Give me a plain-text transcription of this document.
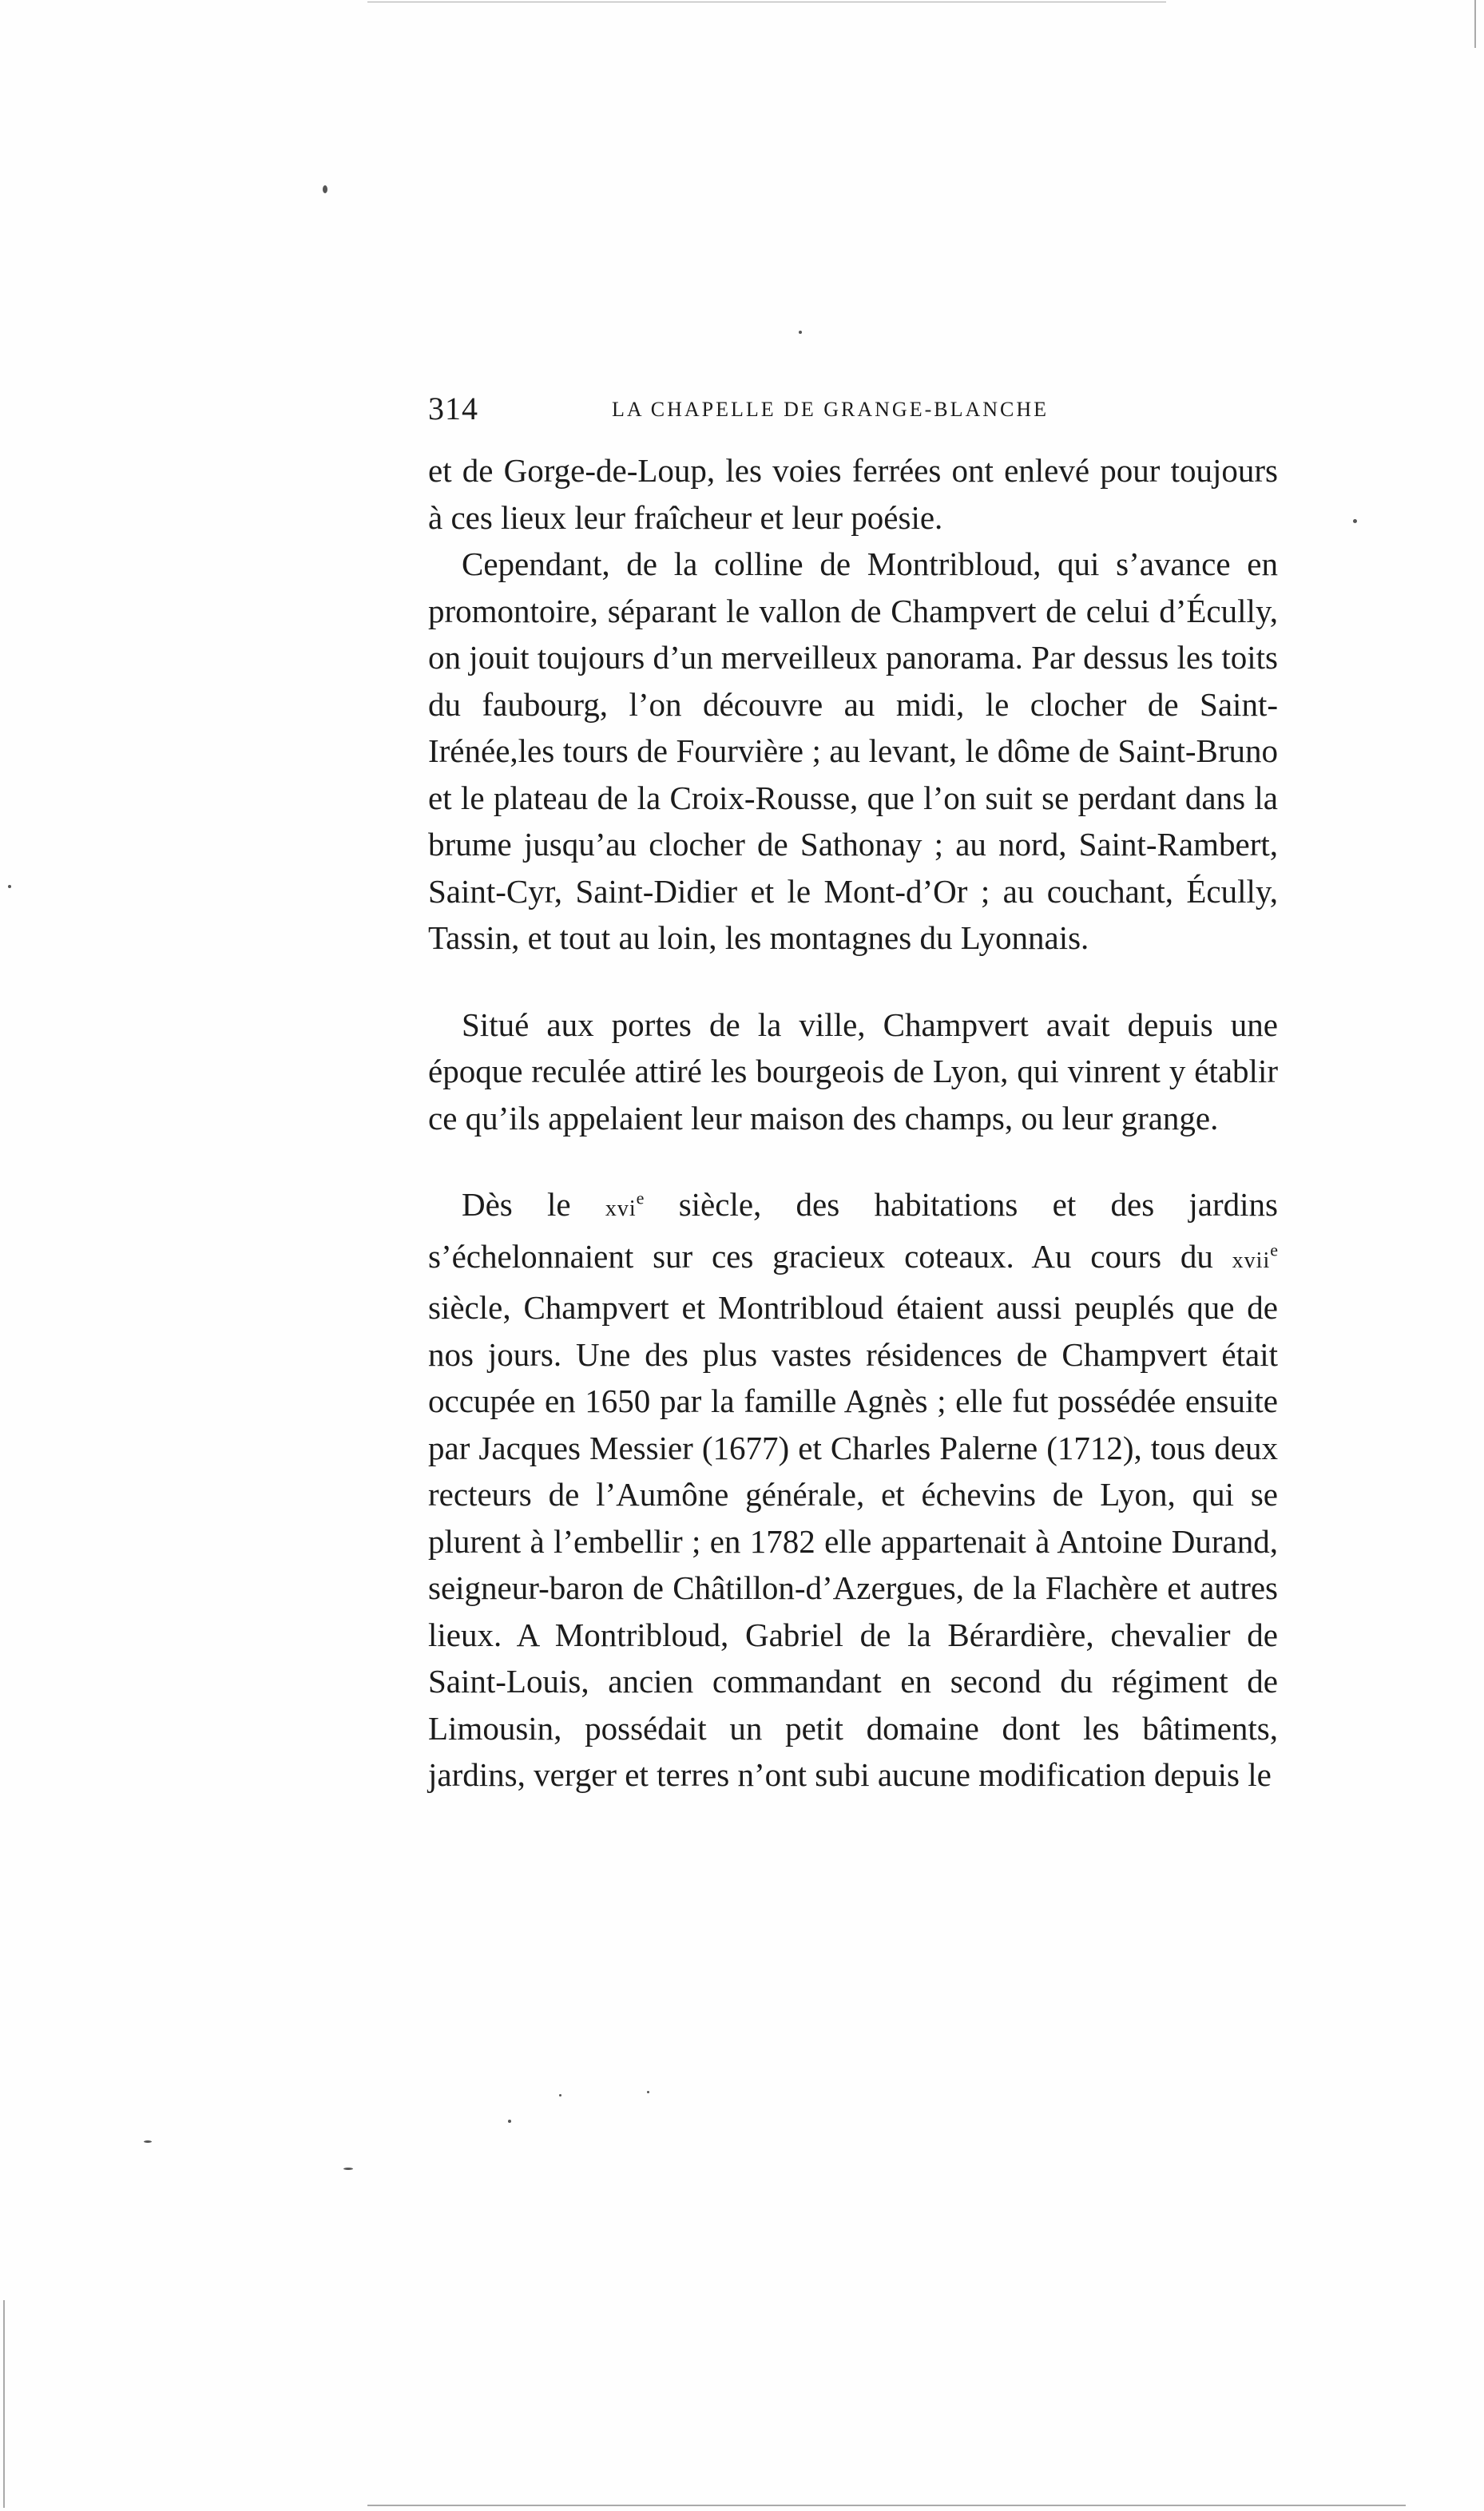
314	LA CHAPELLE DE GRANGE-BLANCHE

et de Gorge-de-Loup, les voies ferrées ont enlevé pour toujours à ces lieux leur fraîcheur et leur poésie.

Cependant, de la colline de Montribloud, qui s’avance en promontoire, séparant le vallon de Champvert de celui d’Écully, on jouit toujours d’un merveilleux panorama. Par dessus les toits du faubourg, l’on découvre au midi, le clocher de Saint-Irénée,les tours de Fourvière ; au levant, le dôme de Saint-Bruno et le plateau de la Croix-Rousse, que l’on suit se perdant dans la brume jusqu’au clocher de Sathonay ; au nord, Saint-Rambert, Saint-Cyr, Saint-Didier et le Mont-d’Or ; au couchant, Écully, Tassin, et tout au loin, les montagnes du Lyonnais.

Situé aux portes de la ville, Champvert avait depuis une époque reculée attiré les bourgeois de Lyon, qui vinrent y établir ce qu’ils appelaient leur maison des champs, ou leur grange.

Dès le xvi$^e$ siècle, des habitations et des jardins s’échelonnaient sur ces gracieux coteaux. Au cours du xvii$^e$ siècle, Champvert et Montribloud étaient aussi peuplés que de nos jours. Une des plus vastes résidences de Champvert était occupée en 1650 par la famille Agnès ; elle fut possédée ensuite par Jacques Messier (1677) et Charles Palerne (1712), tous deux recteurs de l’Aumône générale, et échevins de Lyon, qui se plurent à l’embellir ; en 1782 elle appartenait à Antoine Durand, seigneur-baron de Châtillon-d’Azergues, de la Flachère et autres lieux. A Montribloud, Gabriel de la Bérardière, chevalier de Saint-Louis, ancien commandant en second du régiment de Limousin, possédait un petit domaine dont les bâtiments, jardins, verger et terres n’ont subi aucune modification depuis le
